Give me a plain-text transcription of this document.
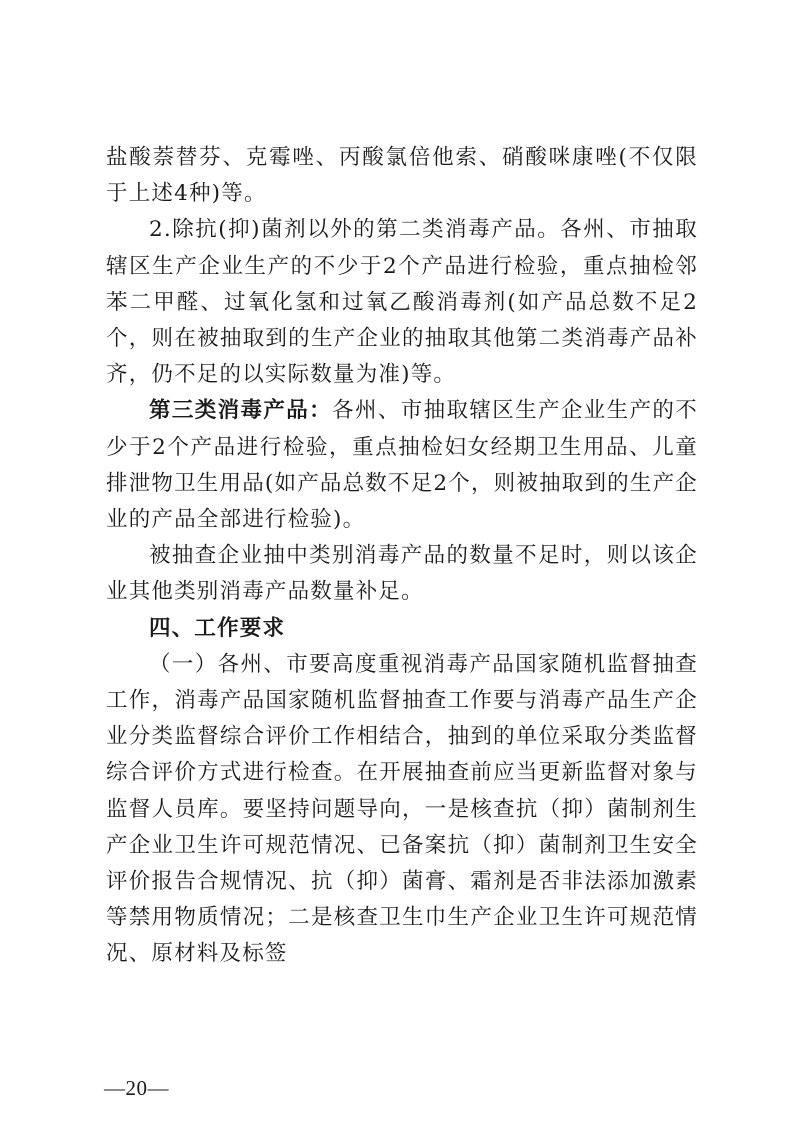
盐酸萘替芬、克霉唑、丙酸氯倍他索、硝酸咪康唑(不仅限于上述4种)等。

2.除抗(抑)菌剂以外的第二类消毒产品。各州、市抽取辖区生产企业生产的不少于2个产品进行检验，重点抽检邻苯二甲醛、过氧化氢和过氧乙酸消毒剂(如产品总数不足2个，则在被抽取到的生产企业的抽取其他第二类消毒产品补齐，仍不足的以实际数量为准)等。

第三类消毒产品：各州、市抽取辖区生产企业生产的不少于2个产品进行检验，重点抽检妇女经期卫生用品、儿童排泄物卫生用品(如产品总数不足2个，则被抽取到的生产企业的产品全部进行检验)。

被抽查企业抽中类别消毒产品的数量不足时，则以该企业其他类别消毒产品数量补足。

四、工作要求

（一）各州、市要高度重视消毒产品国家随机监督抽查工作，消毒产品国家随机监督抽查工作要与消毒产品生产企业分类监督综合评价工作相结合，抽到的单位采取分类监督综合评价方式进行检查。在开展抽查前应当更新监督对象与监督人员库。要坚持问题导向，一是核查抗（抑）菌制剂生产企业卫生许可规范情况、已备案抗（抑）菌制剂卫生安全评价报告合规情况、抗（抑）菌膏、霜剂是否非法添加激素等禁用物质情况；二是核查卫生巾生产企业卫生许可规范情况、原材料及标签

—20—
